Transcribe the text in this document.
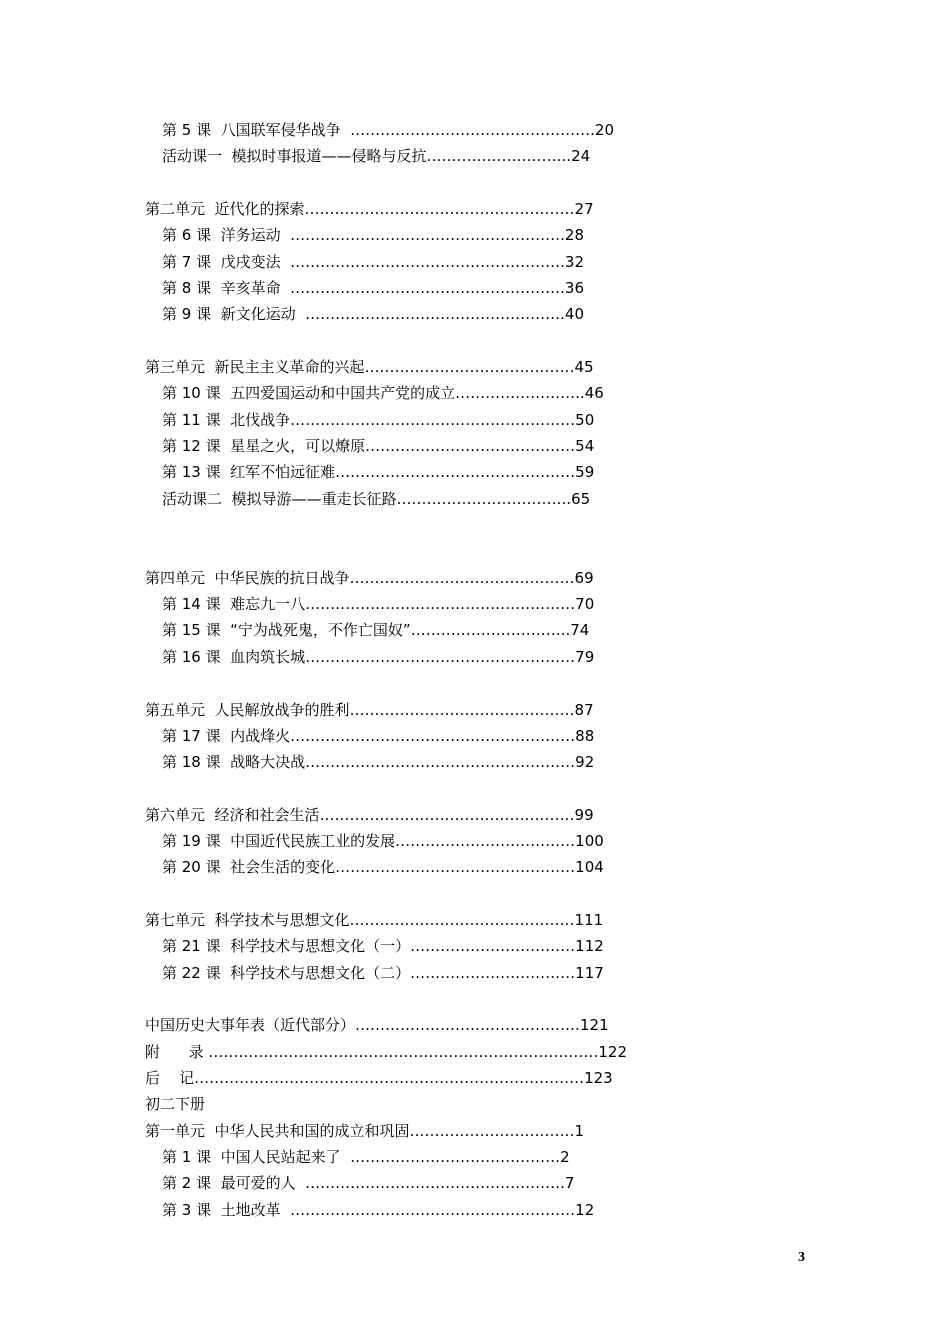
第 5 课  八国联军侵华战争  ………………………………………….20
活动课一  模拟时事报道——侵略与反抗………………………..24
第二单元  近代化的探索………………………………………………27
第 6 课  洋务运动  ……………………………………………….28
第 7 课  戊戌变法  ……………………………………………….32
第 8 课  辛亥革命  ……………………………………………….36
第 9 课  新文化运动  …………………………………………….40
第三单元  新民主主义革命的兴起……………………………………45
第 10 课  五四爱国运动和中国共产党的成立……………………..46
第 11 课  北伐战争…………………………………………………50
第 12 课  星星之火，可以燎原……………………………………54
第 13 课  红军不怕远征难…………………………………………59
活动课二  模拟导游——重走长征路……………………………..65
第四单元  中华民族的抗日战争………………………………………69
第 14 课  难忘九一八………………………………………………70
第 15 课  “宁为战死鬼，不作亡国奴”…………………………..74
第 16 课  血肉筑长城………………………………………………79
第五单元  人民解放战争的胜利………………………………………87
第 17 课  内战烽火…………………………………………………88
第 18 课  战略大决战………………………………………………92
第六单元  经济和社会生活……………………………………………99
第 19 课  中国近代民族工业的发展………………………………100
第 20 课  社会生活的变化…………………………………………104
第七单元  科学技术与思想文化………………………………………111
第 21 课  科学技术与思想文化（一）……………………………112
第 22 课  科学技术与思想文化（二）……………………………117
中国历史大事年表（近代部分）………………………………………121
附      录 ……………………………………………………………………122
后    记……………………………………………………………………123
初二下册
第一单元  中华人民共和国的成立和巩固……………………………1
第 1 课  中国人民站起来了  ……………………………………2
第 2 课  最可爱的人  …………………………………………….7
第 3 课  土地改革  …………………………………………………12
3
